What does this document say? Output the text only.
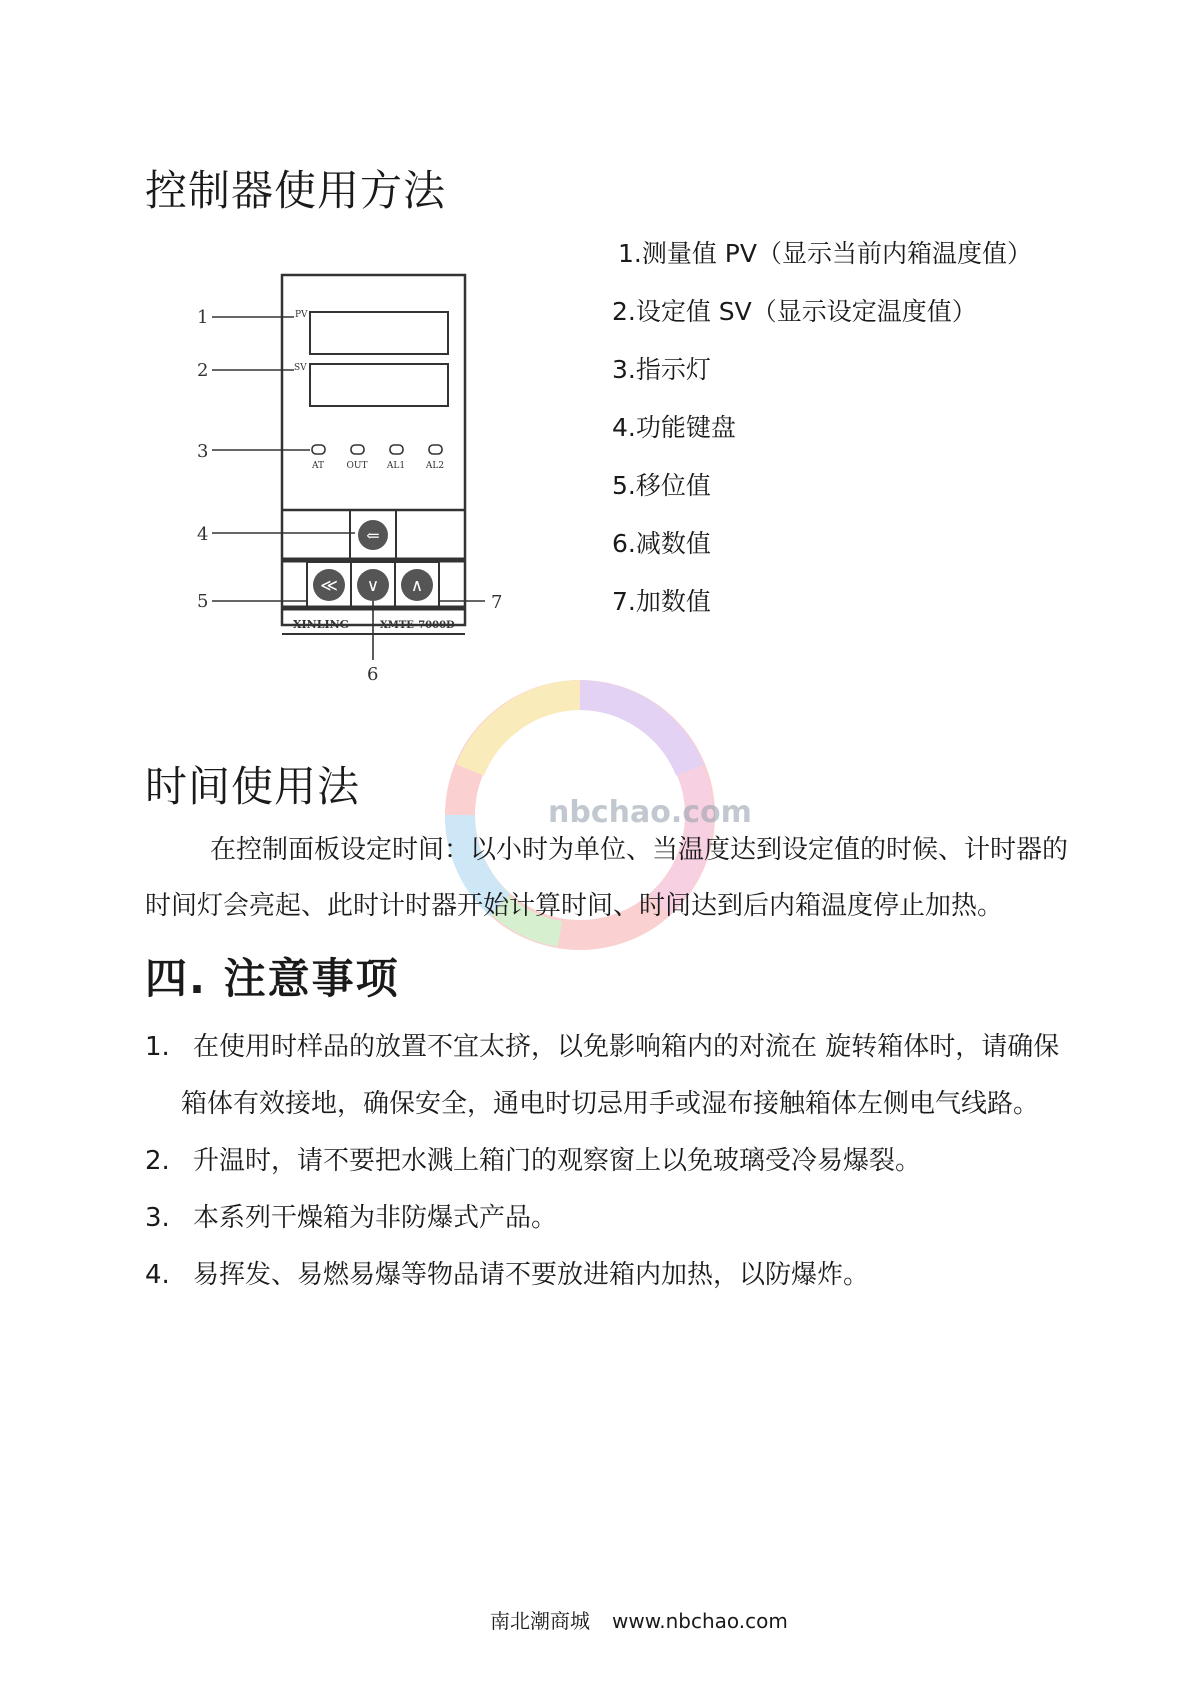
nbchao.com
控制器使用方法
PV
SV
AT	OUT AL1 AL2
⇐
≪ ∨ ∧
XINLING	XMTE-7000D
1
2
3
4
5	7
6
1.测量值 PV（显示当前内箱温度值）
2.设定值 SV（显示设定温度值）
3.指示灯
4.功能键盘
5.移位值
6.减数值
7.加数值
时间使用法
在控制面板设定时间：以小时为单位、当温度达到设定值的时候、计时器的
时间灯会亮起、此时计时器开始计算时间、时间达到后内箱温度停止加热。
四. 注意事项
1. 在使用时样品的放置不宜太挤，以免影响箱内的对流在 旋转箱体时，请确保
箱体有效接地，确保安全，通电时切忌用手或湿布接触箱体左侧电气线路。
2. 升温时，请不要把水溅上箱门的观察窗上以免玻璃受冷易爆裂。
3. 本系列干燥箱为非防爆式产品。
4. 易挥发、易燃易爆等物品请不要放进箱内加热，以防爆炸。
南北潮商城 www.nbchao.com
